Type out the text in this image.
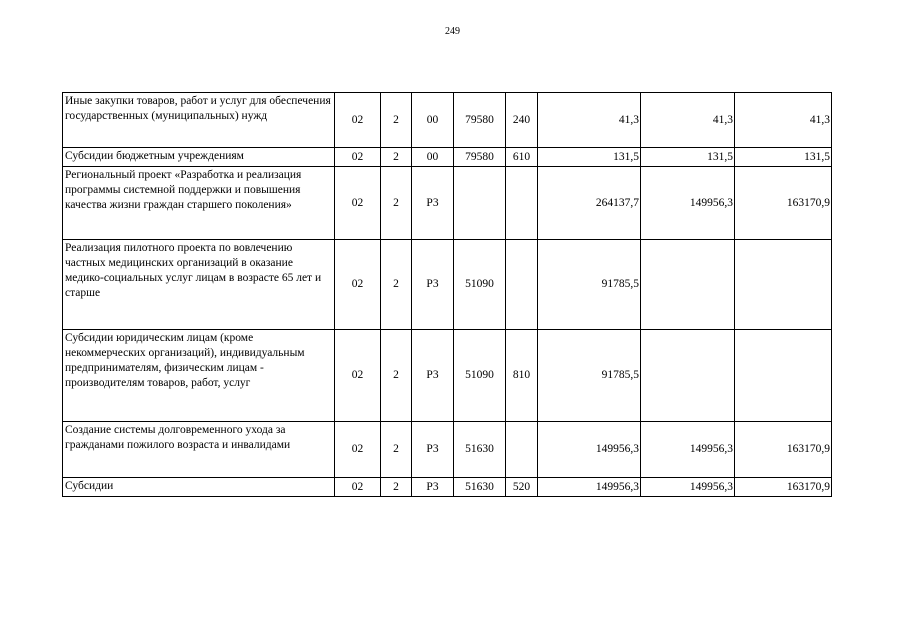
249
Иные закупки товаров, работ и услуг для обеспечения государственных (муниципальных) нужд	02	2	00	79580	240	41,3	41,3	41,3
Субсидии бюджетным учреждениям	02	2	00	79580	610	131,5	131,5	131,5
Региональный проект «Разработка и реализация программы системной поддержки и повышения качества жизни граждан старшего поколения»	02	2	Р3			264137,7	149956,3	163170,9
Реализация пилотного проекта по вовлечению частных медицинских организаций в оказание медико-социальных услуг лицам в возрасте 65 лет и старше	02	2	Р3	51090		91785,5		
Субсидии юридическим лицам (кроме некоммерческих организаций), индивидуальным предпринимателям, физическим лицам - производителям товаров, работ, услуг	02	2	Р3	51090	810	91785,5		
Создание системы долговременного ухода за гражданами пожилого возраста и инвалидами	02	2	Р3	51630		149956,3	149956,3	163170,9
Субсидии	02	2	Р3	51630	520	149956,3	149956,3	163170,9
